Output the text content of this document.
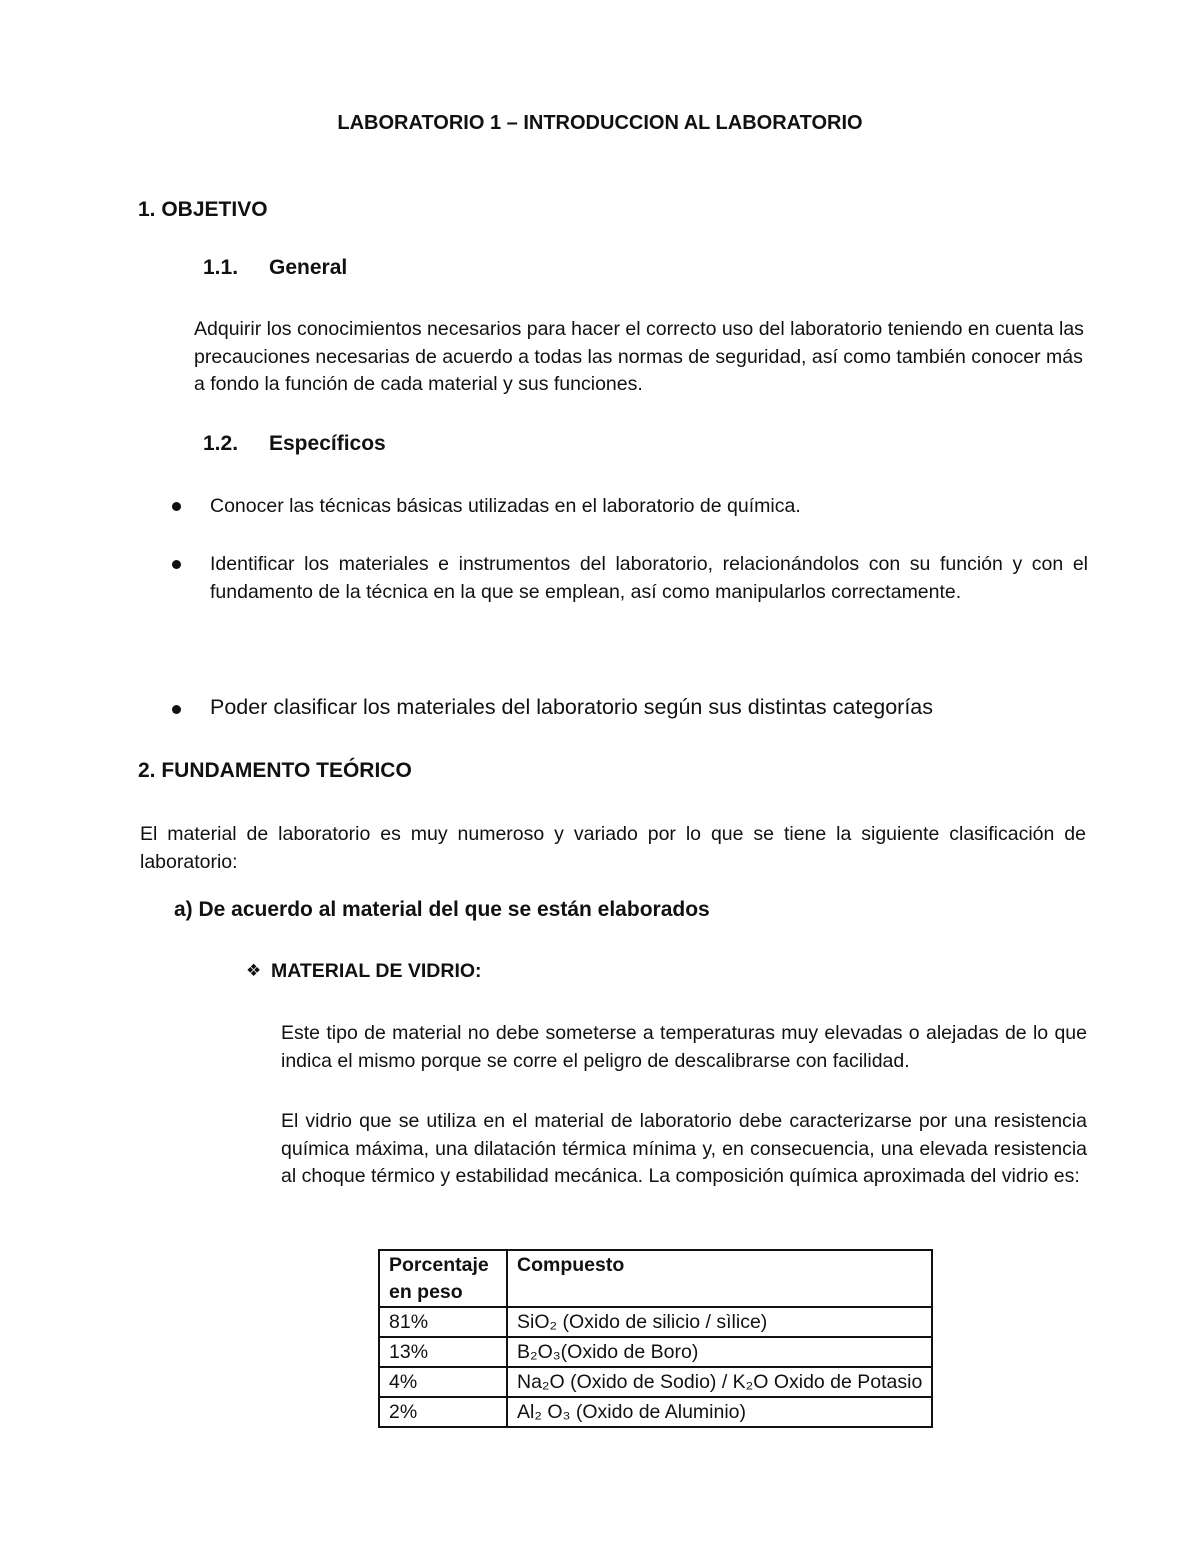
LABORATORIO 1 – INTRODUCCION AL LABORATORIO

1. OBJETIVO

1.1. General

Adquirir los conocimientos necesarios para hacer el correcto uso del laboratorio teniendo en cuenta las precauciones necesarias de acuerdo a todas las normas de seguridad, así como también conocer más a fondo la función de cada material y sus funciones.

1.2. Específicos

Conocer las técnicas básicas utilizadas en el laboratorio de química.

Identificar los materiales e instrumentos del laboratorio, relacionándolos con su función y con el fundamento de la técnica en la que se emplean, así como manipularlos correctamente.

Poder clasificar los materiales del laboratorio según sus distintas categorías

2. FUNDAMENTO TEÓRICO

El material de laboratorio es muy numeroso y variado por lo que se tiene la siguiente clasificación de laboratorio:

a) De acuerdo al material del que se están elaborados

❖ MATERIAL DE VIDRIO:

Este tipo de material no debe someterse a temperaturas muy elevadas o alejadas de lo que indica el mismo porque se corre el peligro de descalibrarse con facilidad.

El vidrio que se utiliza en el material de laboratorio debe caracterizarse por una resistencia química máxima, una dilatación térmica mínima y, en consecuencia, una elevada resistencia al choque térmico y estabilidad mecánica. La composición química aproximada del vidrio es:

Porcentaje
en peso	Compuesto
81%	SiO₂ (Oxido de silicio / sìlice)
13%	B₂O₃(Oxido de Boro)
4%	Na₂O (Oxido de Sodio) / K₂O Oxido de Potasio
2%	Al₂ O₃ (Oxido de Aluminio)
